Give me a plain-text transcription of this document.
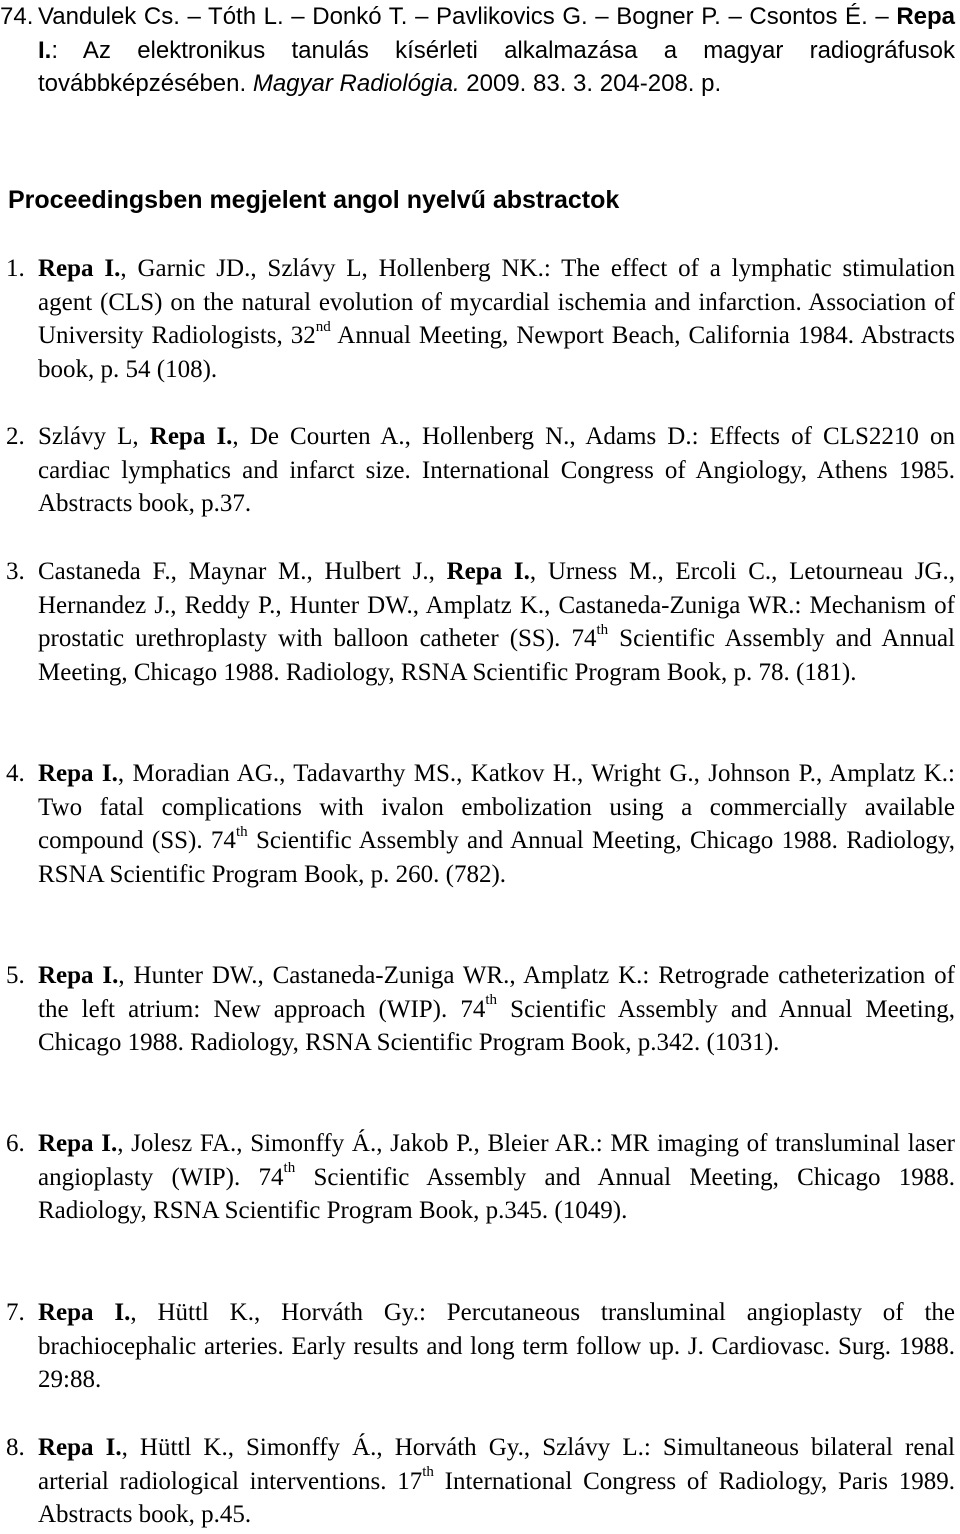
74. Vandulek Cs. – Tóth L. – Donkó T. – Pavlikovics G. – Bogner P. – Csontos É. – Repa I.: Az elektronikus tanulás kísérleti alkalmazása a magyar radiográfusok továbbképzésében. Magyar Radiológia. 2009. 83. 3. 204-208. p.
Proceedingsben megjelent angol nyelvű abstractok
1. Repa I., Garnic JD., Szlávy L, Hollenberg NK.: The effect of a lymphatic stimulation agent (CLS) on the natural evolution of mycardial ischemia and infarction. Association of University Radiologists, 32nd Annual Meeting, Newport Beach, California 1984. Abstracts book, p. 54 (108).
2. Szlávy L, Repa I., De Courten A., Hollenberg N., Adams D.: Effects of CLS2210 on cardiac lymphatics and infarct size. International Congress of Angiology, Athens 1985. Abstracts book, p.37.
3. Castaneda F., Maynar M., Hulbert J., Repa I., Urness M., Ercoli C., Letourneau JG., Hernandez J., Reddy P., Hunter DW., Amplatz K., Castaneda-Zuniga WR.: Mechanism of prostatic urethroplasty with balloon catheter (SS). 74th Scientific Assembly and Annual Meeting, Chicago 1988. Radiology, RSNA Scientific Program Book, p. 78. (181).
4. Repa I., Moradian AG., Tadavarthy MS., Katkov H., Wright G., Johnson P., Amplatz K.: Two fatal complications with ivalon embolization using a commercially available compound (SS). 74th Scientific Assembly and Annual Meeting, Chicago 1988. Radiology, RSNA Scientific Program Book, p. 260. (782).
5. Repa I., Hunter DW., Castaneda-Zuniga WR., Amplatz K.: Retrograde catheterization of the left atrium: New approach (WIP). 74th Scientific Assembly and Annual Meeting, Chicago 1988. Radiology, RSNA Scientific Program Book, p.342. (1031).
6. Repa I., Jolesz FA., Simonffy Á., Jakob P., Bleier AR.: MR imaging of transluminal laser angioplasty (WIP). 74th Scientific Assembly and Annual Meeting, Chicago 1988. Radiology, RSNA Scientific Program Book, p.345. (1049).
7. Repa I., Hüttl K., Horváth Gy.: Percutaneous transluminal angioplasty of the brachiocephalic arteries. Early results and long term follow up. J. Cardiovasc. Surg. 1988. 29:88.
8. Repa I., Hüttl K., Simonffy Á., Horváth Gy., Szlávy L.: Simultaneous bilateral renal arterial radiological interventions. 17th International Congress of Radiology, Paris 1989. Abstracts book, p.45.
